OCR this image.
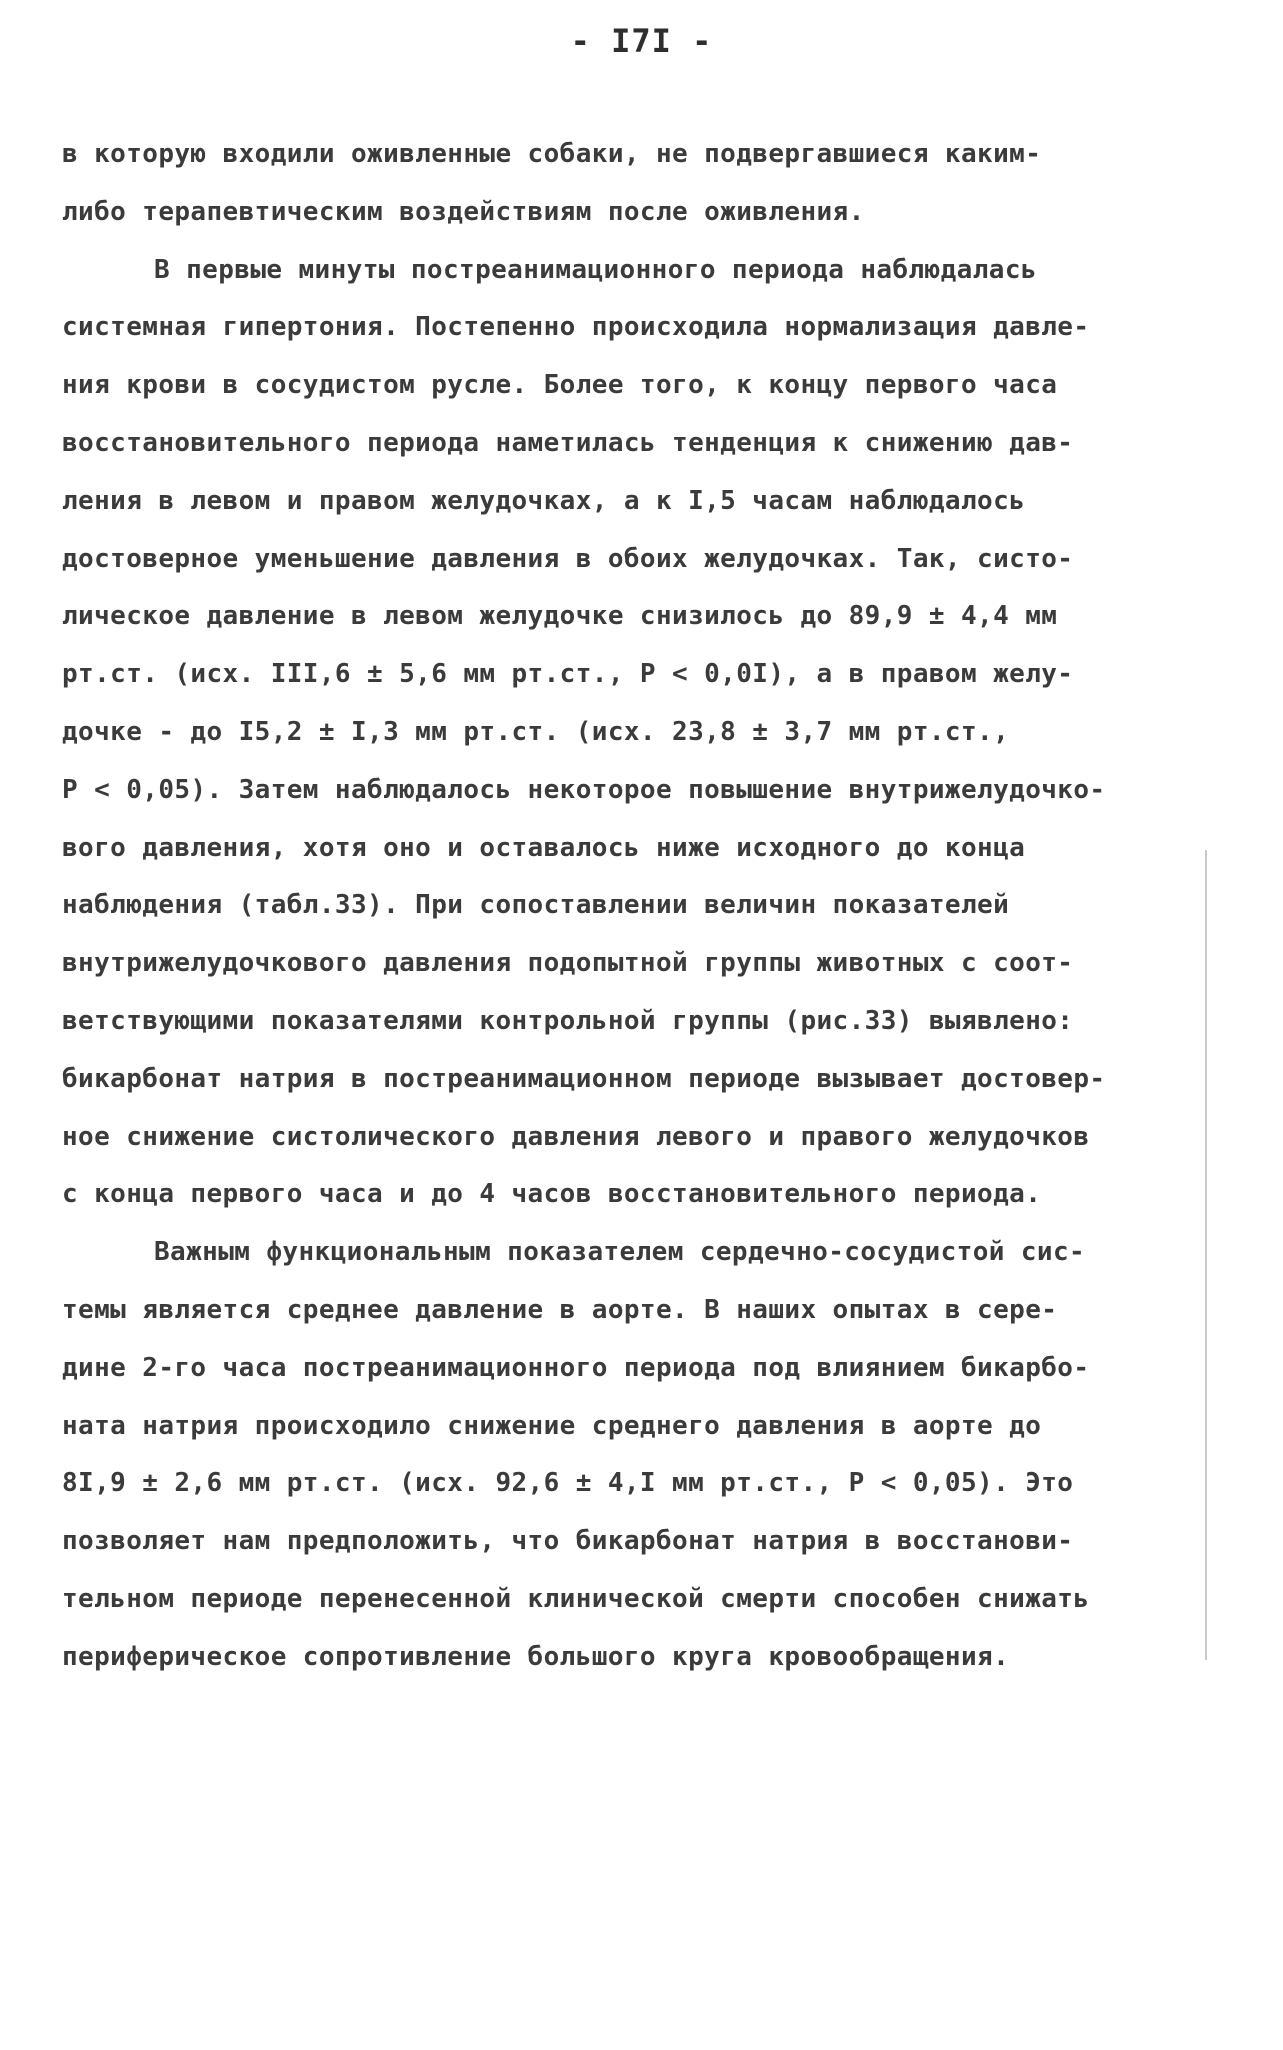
- I7I -
в которую входили оживленные собаки, не подвергавшиеся каким-
либо терапевтическим воздействиям после оживления.
В первые минуты постреанимационного периода наблюдалась
системная гипертония. Постепенно происходила нормализация давле-
ния крови в сосудистом русле. Более того, к концу первого часа
восстановительного периода наметилась тенденция к снижению дав-
ления в левом и правом желудочках, а к I,5 часам наблюдалось
достоверное уменьшение давления в обоих желудочках. Так, систо-
лическое давление в левом желудочке снизилось до 89,9 ± 4,4 мм
рт.ст. (исх. III,6 ± 5,6 мм рт.ст., Р < 0,0I), а в правом желу-
дочке - до I5,2 ± I,3 мм рт.ст. (исх. 23,8 ± 3,7 мм рт.ст.,
Р < 0,05). Затем наблюдалось некоторое повышение внутрижелудочко-
вого давления, хотя оно и оставалось ниже исходного до конца
наблюдения (табл.33). При сопоставлении величин показателей
внутрижелудочкового давления подопытной группы животных с соот-
ветствующими показателями контрольной группы (рис.33) выявлено:
бикарбонат натрия в постреанимационном периоде вызывает достовер-
ное снижение систолического давления левого и правого желудочков
с конца первого часа и до 4 часов восстановительного периода.
Важным функциональным показателем сердечно-сосудистой сис-
темы является среднее давление в аорте. В наших опытах в сере-
дине 2-го часа постреанимационного периода под влиянием бикарбо-
ната натрия происходило снижение среднего давления в аорте до
8I,9 ± 2,6 мм рт.ст. (исх. 92,6 ± 4,I мм рт.ст., Р < 0,05). Это
позволяет нам предположить, что бикарбонат натрия в восстанови-
тельном периоде перенесенной клинической смерти способен снижать
периферическое сопротивление большого круга кровообращения.
